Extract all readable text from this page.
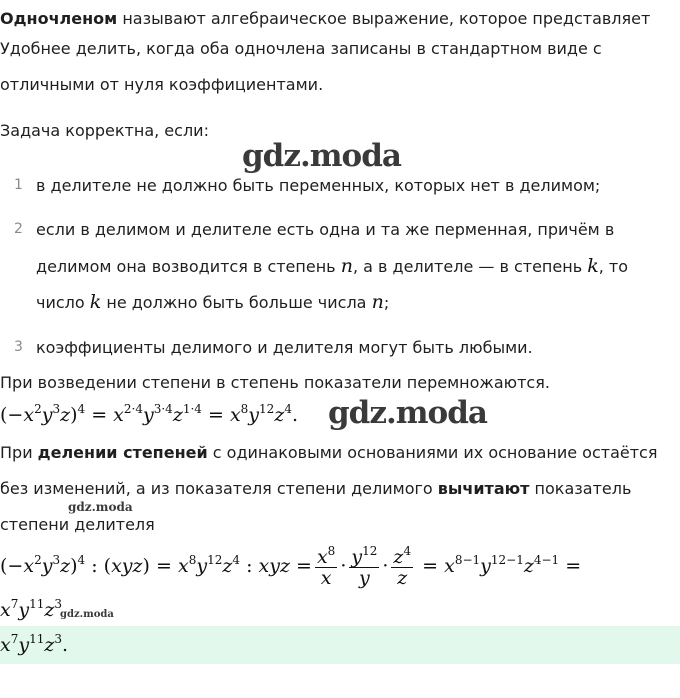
Одночленом называют алгебраическое выражение, которое представляет
Удобнее делить, когда оба одночлена записаны в стандартном виде с
отличными от нуля коэффициентами.
Задача корректна, если:
gdz.moda
1 в делителе не должно быть переменных, которых нет в делимом;
2 если в делимом и делителе есть одна и та же перменная, причём в
делимом она возводится в степень n, а в делителе — в степень k, то
число k не должно быть больше числа n;
3 коэффициенты делимого и делителя могут быть любыми.
При возведении степени в степень показатели перемножаются.
$(-x^2y^3z)^4 = x^{2\cdot 4}y^{3\cdot 4}z^{1\cdot 4} = x^8y^{12}z^4$. gdz.moda
При делении степеней с одинаковыми основаниями их основание остаётся
без изменений, а из показателя степени делимого вычитают показатель
gdz.moda
степени делителя
$(-x^2y^3z)^4$ : $(xyz) = x^8y^{12}z^4$ : xyz = $\frac{x^8}{x} \cdot \frac{y^{12}}{y} \cdot \frac{z^4}{z} = x^{8-1}y^{12-1}z^{4-1}$ =
$x^7y^{11}z^3$
gdz.moda
$x^7y^{11}z^3$.
